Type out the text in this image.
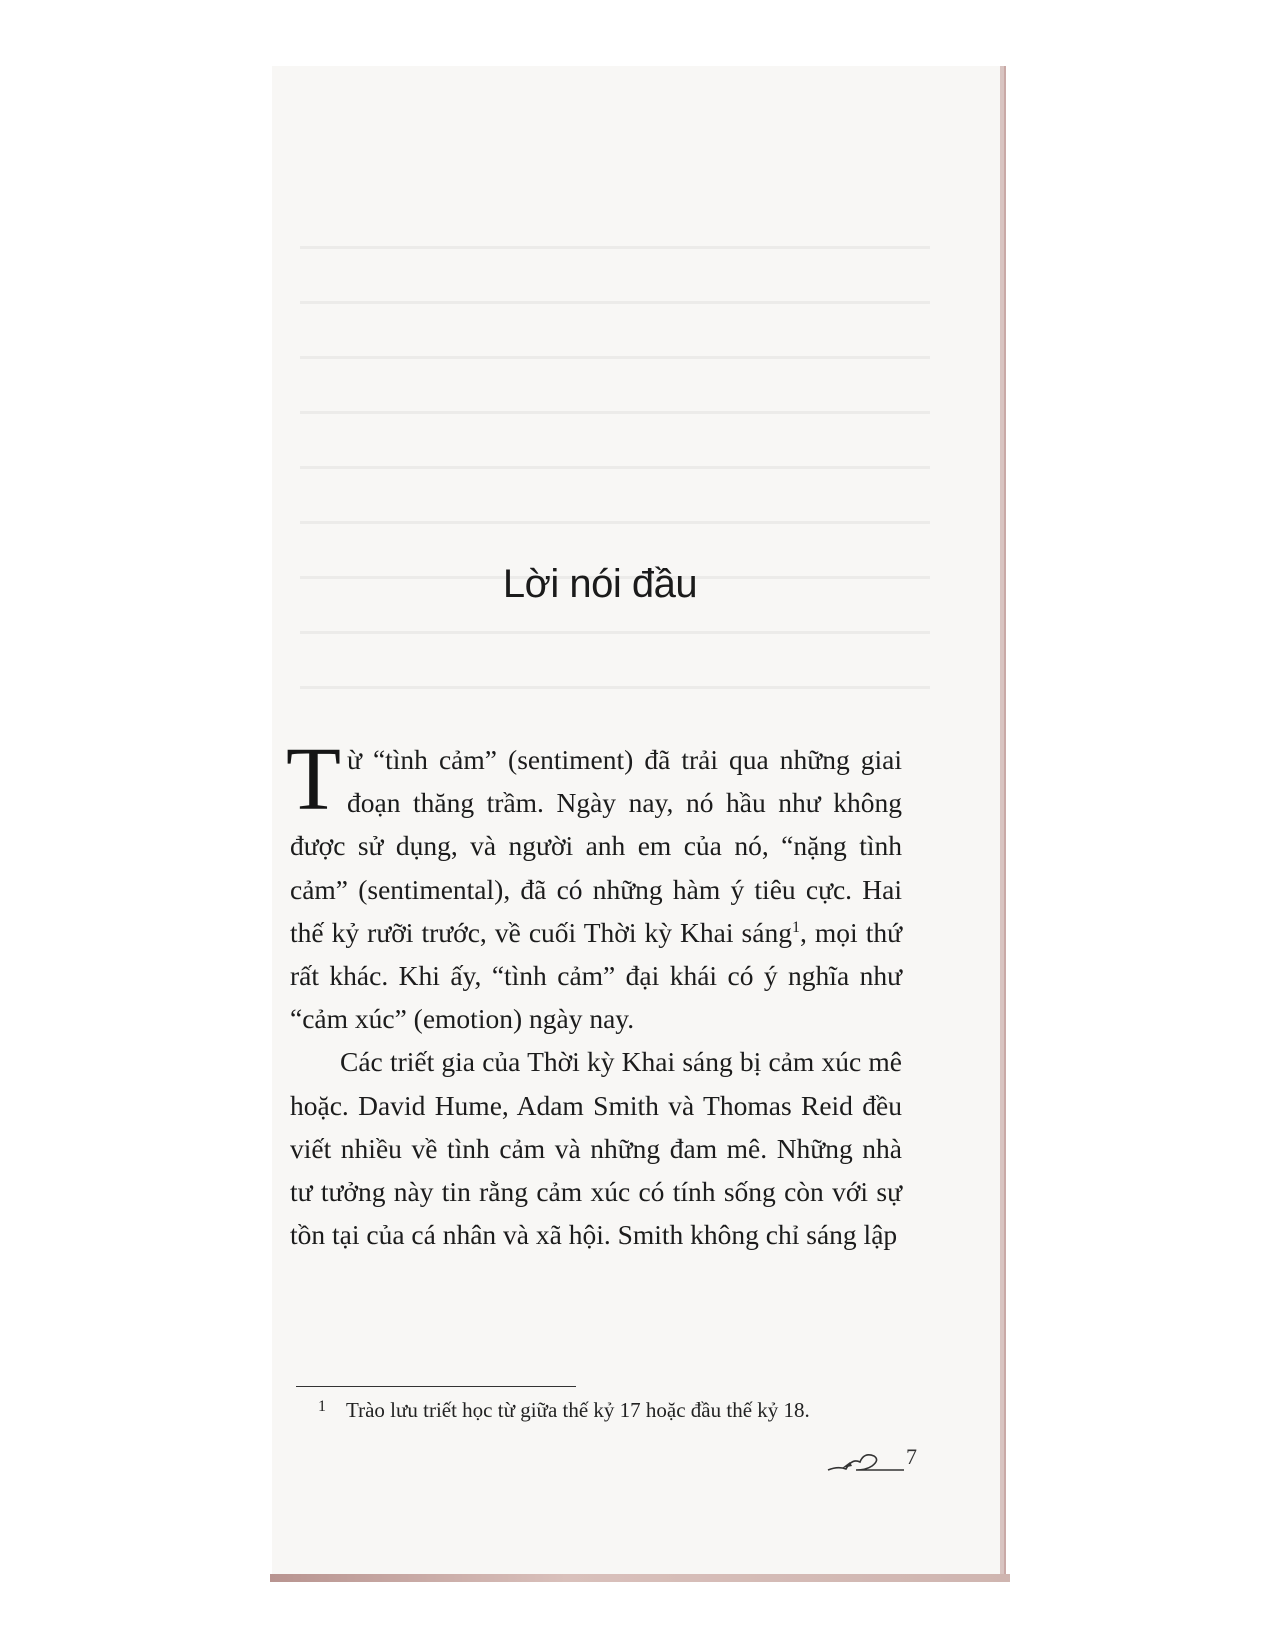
Lời nói đầu

Từ “tình cảm” (sentiment) đã trải qua những giai đoạn thăng trầm. Ngày nay, nó hầu như không được sử dụng, và người anh em của nó, “nặng tình cảm” (sentimental), đã có những hàm ý tiêu cực. Hai thế kỷ rưỡi trước, về cuối Thời kỳ Khai sáng$^1$, mọi thứ rất khác. Khi ấy, “tình cảm” đại khái có ý nghĩa như “cảm xúc” (emotion) ngày nay.

Các triết gia của Thời kỳ Khai sáng bị cảm xúc mê hoặc. David Hume, Adam Smith và Thomas Reid đều viết nhiều về tình cảm và những đam mê. Những nhà tư tưởng này tin rằng cảm xúc có tính sống còn với sự tồn tại của cá nhân và xã hội. Smith không chỉ sáng lập

$^1$ Trào lưu triết học từ giữa thế kỷ 17 hoặc đầu thế kỷ 18.
7
